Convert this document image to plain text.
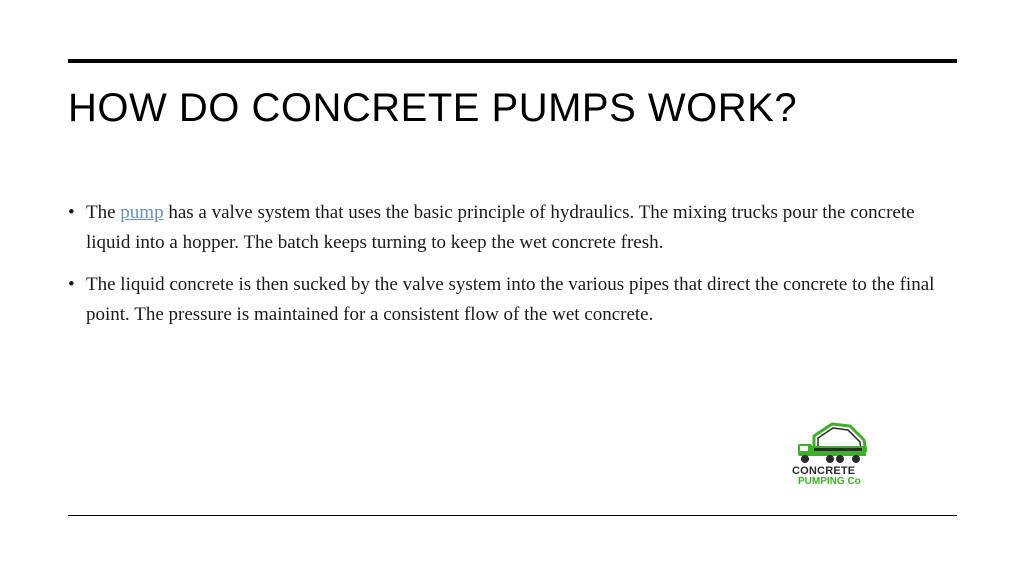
HOW DO CONCRETE PUMPS WORK?
• The pump has a valve system that uses the basic principle of hydraulics. The mixing trucks pour the concrete liquid into a hopper. The batch keeps turning to keep the wet concrete fresh.
• The liquid concrete is then sucked by the valve system into the various pipes that direct the concrete to the final point. The pressure is maintained for a consistent flow of the wet concrete.
CONCRETE
PUMPING Co
